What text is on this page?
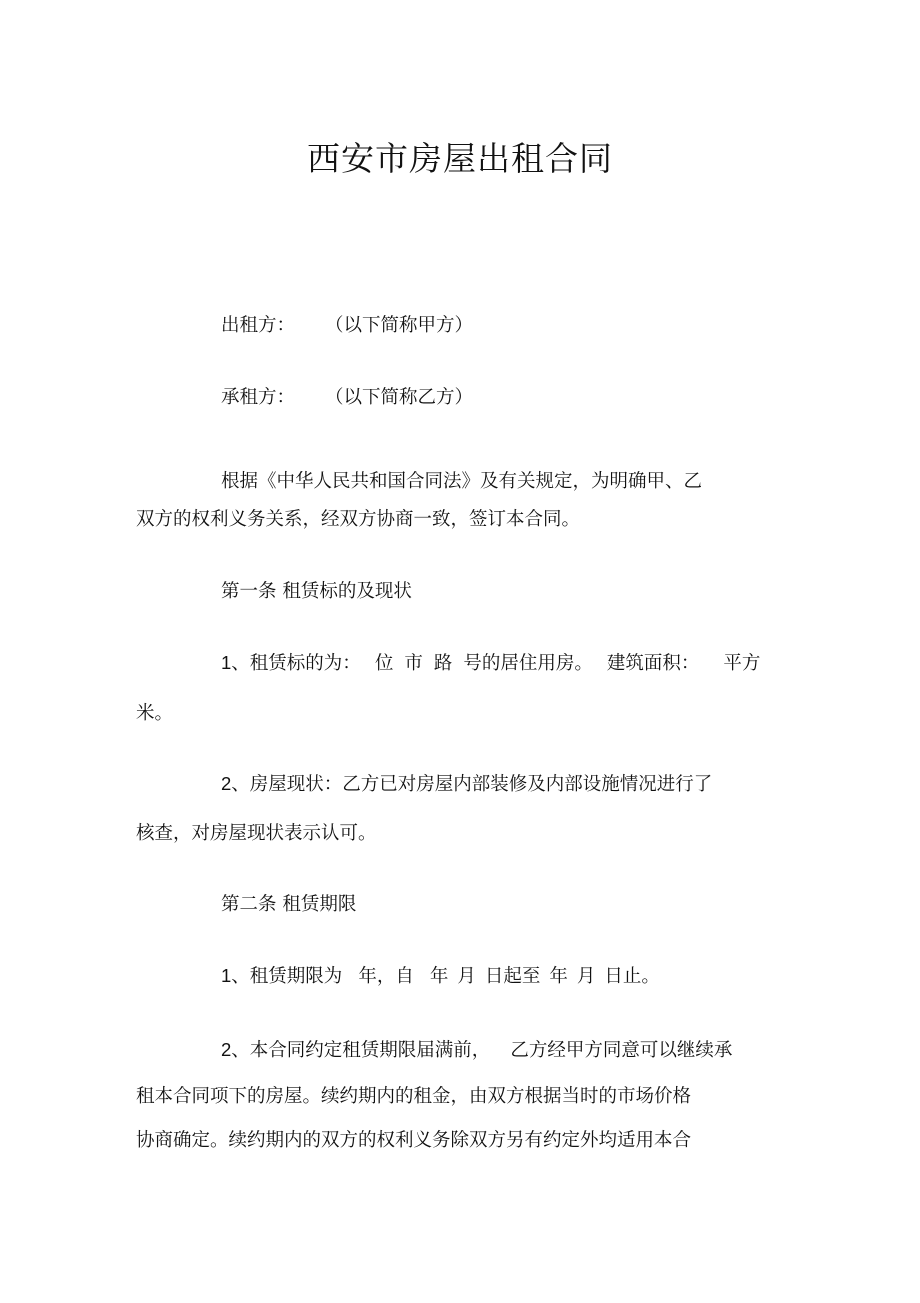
西安市房屋出租合同
出租方： （以下简称甲方）
承租方： （以下简称乙方）
根据《中华人民共和国合同法》及有关规定，为明确甲、乙
双方的权利义务关系，经双方协商一致，签订本合同。
第一条 租赁标的及现状
1、租赁标的为： 位 市 路 号的居住用房。 建筑面积： 平方
米。
2、房屋现状：乙方已对房屋内部装修及内部设施情况进行了
核查，对房屋现状表示认可。
第二条 租赁期限
1、租赁期限为 年，自 年 月 日起至 年 月 日止。
2、本合同约定租赁期限届满前， 乙方经甲方同意可以继续承
租本合同项下的房屋。续约期内的租金，由双方根据当时的市场价格
协商确定。续约期内的双方的权利义务除双方另有约定外均适用本合
